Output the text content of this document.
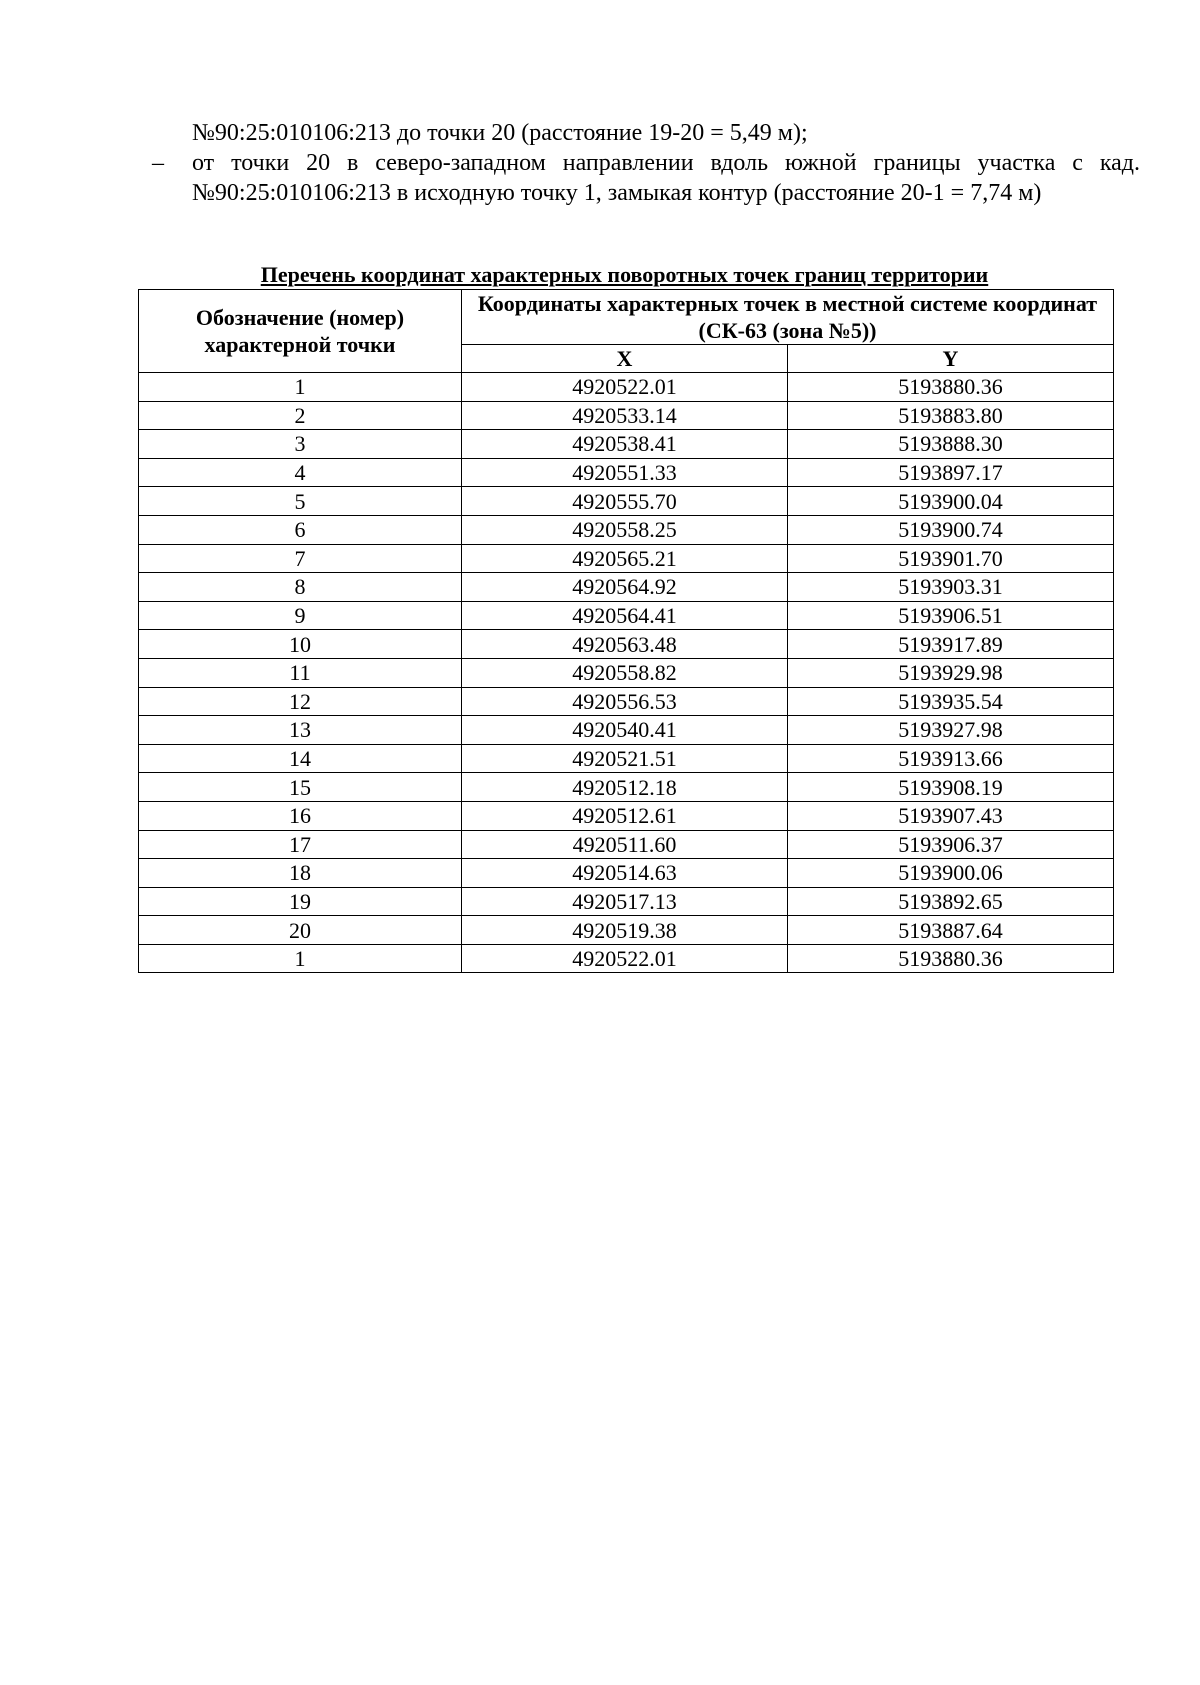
№90:25:010106:213 до точки 20 (расстояние 19-20 = 5,49 м);
– от точки 20 в северо-западном направлении вдоль южной границы участка с кад.
№90:25:010106:213 в исходную точку 1, замыкая контур (расстояние 20-1 = 7,74 м)
Перечень координат характерных поворотных точек границ территории
Обозначение (номер) характерной точки	Координаты характерных точек в местной системе координат (СК-63 (зона №5))	
	X	Y
1	4920522.01	5193880.36
2	4920533.14	5193883.80
3	4920538.41	5193888.30
4	4920551.33	5193897.17
5	4920555.70	5193900.04
6	4920558.25	5193900.74
7	4920565.21	5193901.70
8	4920564.92	5193903.31
9	4920564.41	5193906.51
10	4920563.48	5193917.89
11	4920558.82	5193929.98
12	4920556.53	5193935.54
13	4920540.41	5193927.98
14	4920521.51	5193913.66
15	4920512.18	5193908.19
16	4920512.61	5193907.43
17	4920511.60	5193906.37
18	4920514.63	5193900.06
19	4920517.13	5193892.65
20	4920519.38	5193887.64
1	4920522.01	5193880.36
